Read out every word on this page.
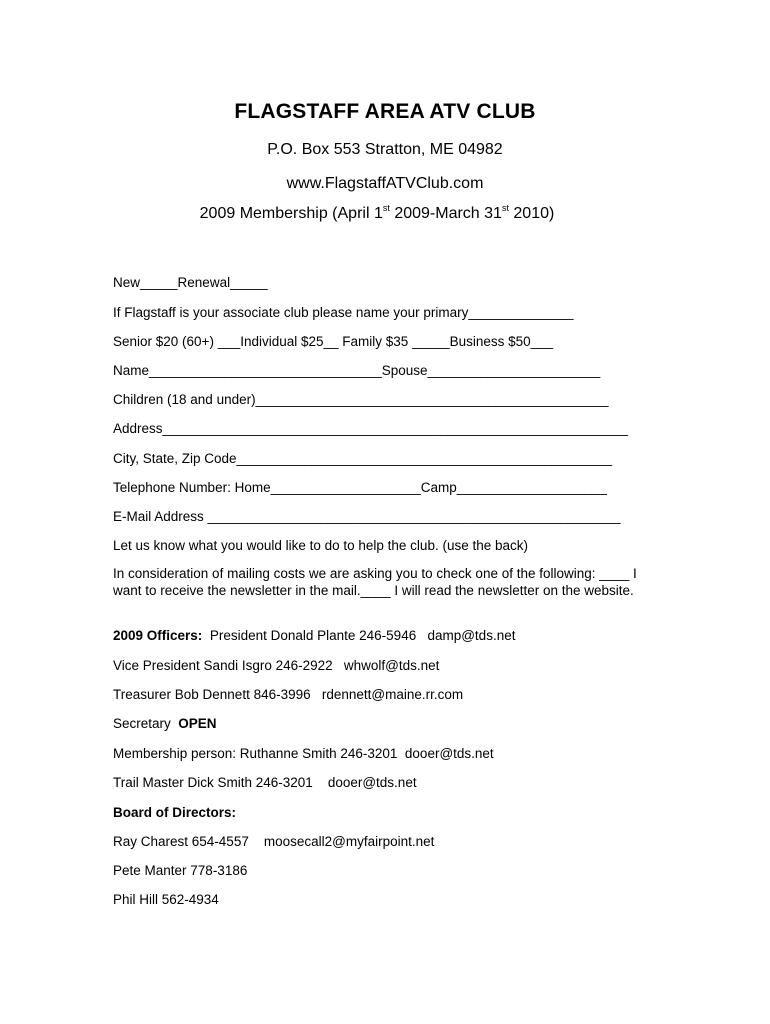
FLAGSTAFF AREA ATV CLUB
P.O. Box 553 Stratton, ME 04982
www.FlagstaffATVClub.com
2009 Membership (April 1st 2009-March 31st 2010)
New_____Renewal_____
If Flagstaff is your associate club please name your primary______________
Senior $20 (60+) ___Individual $25__ Family $35 _____Business $50___
Name_______________________________Spouse_______________________
Children (18 and under)_______________________________________________
Address______________________________________________________________
City, State, Zip Code__________________________________________________
Telephone Number: Home____________________Camp____________________
E-Mail Address _______________________________________________________
Let us know what you would like to do to help the club. (use the back)
In consideration of mailing costs we are asking you to check one of the following: ____ I want to receive the newsletter in the mail.____ I will read the newsletter on the website.
2009 Officers:  President Donald Plante 246-5946   damp@tds.net
Vice President Sandi Isgro 246-2922   whwolf@tds.net
Treasurer Bob Dennett 846-3996   rdennett@maine.rr.com
Secretary  OPEN
Membership person: Ruthanne Smith 246-3201  dooer@tds.net
Trail Master Dick Smith 246-3201    dooer@tds.net
Board of Directors:
Ray Charest 654-4557    moosecall2@myfairpoint.net
Pete Manter 778-3186
Phil Hill 562-4934
